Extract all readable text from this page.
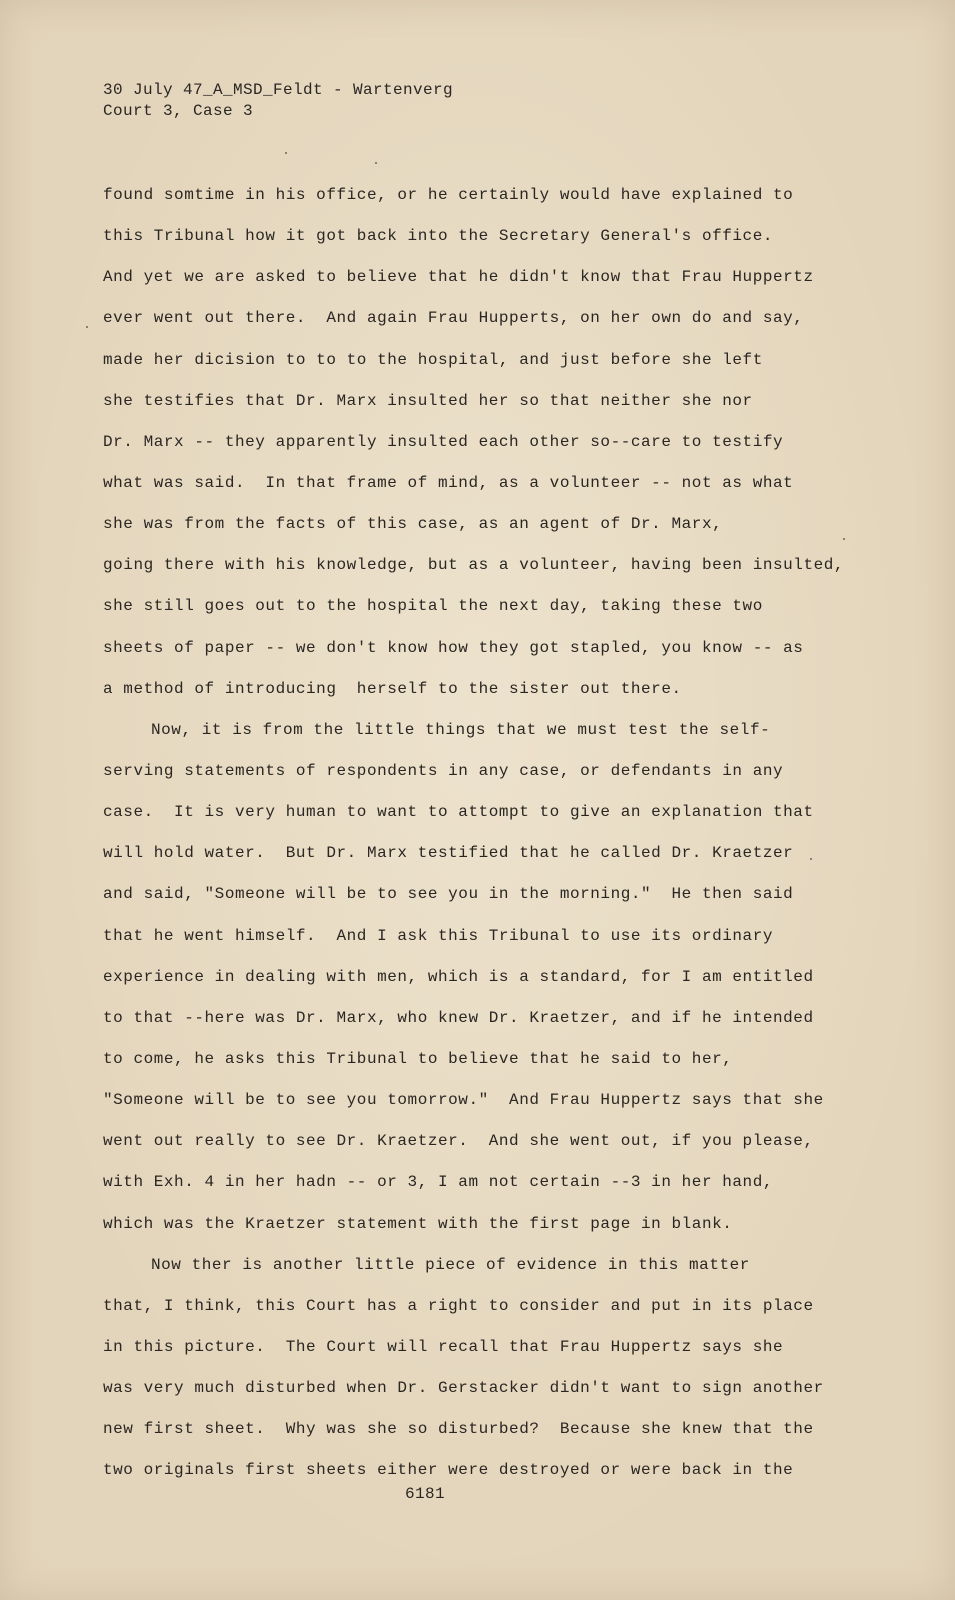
30 July 47_A_MSD_Feldt - Wartenverg
Court 3, Case 3
found somtime in his office, or he certainly would have explained to
this Tribunal how it got back into the Secretary General's office.
And yet we are asked to believe that he didn't know that Frau Huppertz
ever went out there.  And again Frau Hupperts, on her own do and say,
made her dicision to to to the hospital, and just before she left
she testifies that Dr. Marx insulted her so that neither she nor
Dr. Marx -- they apparently insulted each other so--care to testify
what was said.  In that frame of mind, as a volunteer -- not as what
she was from the facts of this case, as an agent of Dr. Marx,
going there with his knowledge, but as a volunteer, having been insulted,
she still goes out to the hospital the next day, taking these two
sheets of paper -- we don't know how they got stapled, you know -- as
a method of introducing  herself to the sister out there.
Now, it is from the little things that we must test the self-
serving statements of respondents in any case, or defendants in any
case.  It is very human to want to attompt to give an explanation that
will hold water.  But Dr. Marx testified that he called Dr. Kraetzer
and said, "Someone will be to see you in the morning."  He then said
that he went himself.  And I ask this Tribunal to use its ordinary
experience in dealing with men, which is a standard, for I am entitled
to that --here was Dr. Marx, who knew Dr. Kraetzer, and if he intended
to come, he asks this Tribunal to believe that he said to her,
"Someone will be to see you tomorrow."  And Frau Huppertz says that she
went out really to see Dr. Kraetzer.  And she went out, if you please,
with Exh. 4 in her hadn -- or 3, I am not certain --3 in her hand,
which was the Kraetzer statement with the first page in blank.
Now ther is another little piece of evidence in this matter
that, I think, this Court has a right to consider and put in its place
in this picture.  The Court will recall that Frau Huppertz says she
was very much disturbed when Dr. Gerstacker didn't want to sign another
new first sheet.  Why was she so disturbed?  Because she knew that the
two originals first sheets either were destroyed or were back in the
6181
